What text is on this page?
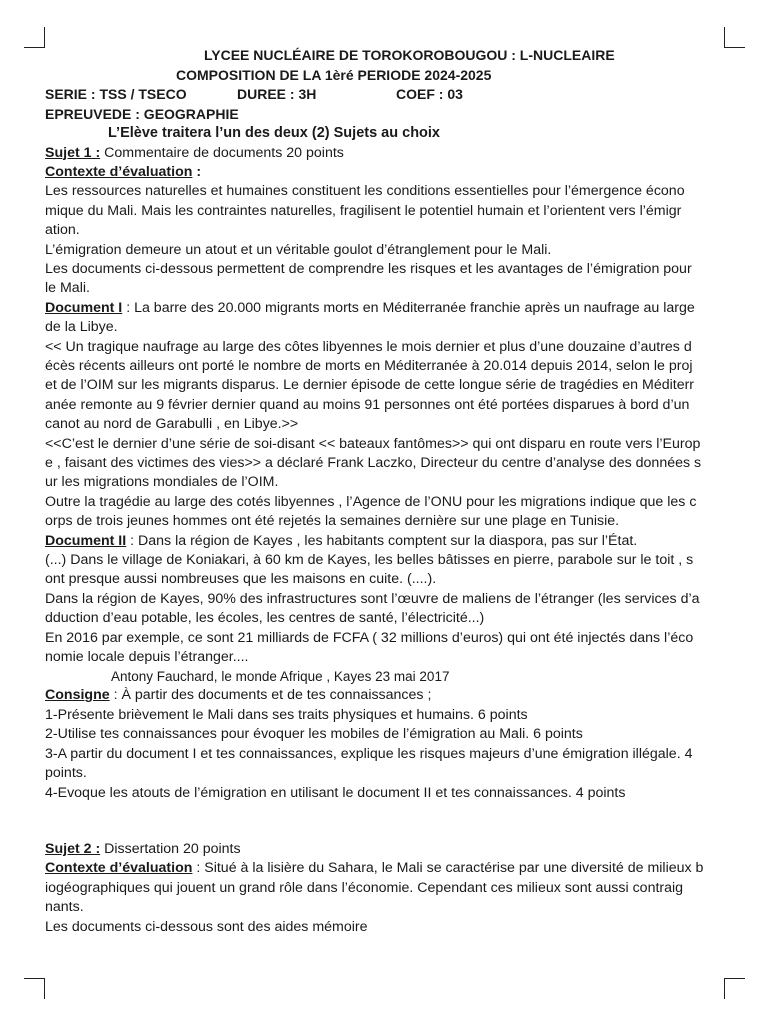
LYCEE NUCLÉAIRE DE TOROKOROBOUGOU : L-NUCLEAIRE
COMPOSITION DE LA 1èré PERIODE 2024-2025
SERIE : TSS / TSECO	DUREE : 3H	COEF : 03
EPREUVEDE : GEOGRAPHIE
L’Elève traitera l’un des deux (2) Sujets au choix

Sujet 1 : Commentaire de documents 20 points

Contexte d’évaluation :

Les ressources naturelles et humaines constituent les conditions essentielles pour l’émergence écono

mique du Mali. Mais les contraintes naturelles, fragilisent le potentiel humain et l’orientent vers l’émigr

ation.

L’émigration demeure un atout et un véritable goulot d’étranglement pour le Mali.

Les documents ci-dessous permettent de comprendre les risques et les avantages de l’émigration pour

le Mali.

Document I : La barre des 20.000 migrants morts en Méditerranée franchie après un naufrage au large

de la Libye.

<< Un tragique naufrage au large des côtes libyennes le mois dernier et plus d’une douzaine d’autres d

écès récents ailleurs ont porté le nombre de morts en Méditerranée à 20.014 depuis 2014, selon le proj

et de l’OIM sur les migrants disparus. Le dernier épisode de cette longue série de tragédies en Méditerr

anée remonte au 9 février dernier quand au moins 91 personnes ont été portées disparues à bord d’un

canot au nord de Garabulli , en Libye.>>

<<C’est le dernier d’une série de soi-disant << bateaux fantômes>> qui ont disparu en route vers l’Europ

e , faisant des victimes des vies>> a déclaré Frank Laczko, Directeur du centre d’analyse des données s

ur les migrations mondiales de l’OIM.

Outre la tragédie au large des cotés libyennes , l’Agence de l’ONU pour les migrations indique que les c

orps de trois jeunes hommes ont été rejetés la semaines dernière sur une plage en Tunisie.

Document II : Dans la région de Kayes , les habitants comptent sur la diaspora, pas sur l’État.

(...) Dans le village de Koniakari, à 60 km de Kayes, les belles bâtisses en pierre, parabole sur le toit , s

ont presque aussi nombreuses que les maisons en cuite. (....).

Dans la région de Kayes, 90% des infrastructures sont l’œuvre de maliens de l’étranger (les services d’a

dduction d’eau potable, les écoles, les centres de santé, l’électricité...)

En 2016 par exemple, ce sont 21 milliards de FCFA ( 32 millions d’euros) qui ont été injectés dans l’éco

nomie locale depuis l’étranger....

Antony Fauchard, le monde Afrique , Kayes 23 mai 2017

Consigne : À partir des documents et de tes connaissances ;

1-Présente brièvement le Mali dans ses traits physiques et humains. 6 points

2-Utilise tes connaissances pour évoquer les mobiles de l’émigration au Mali. 6 points

3-A partir du document I et tes connaissances, explique les risques majeurs d’une émigration illégale. 4

points.

4-Evoque les atouts de l’émigration en utilisant le document II et tes connaissances. 4 points

Sujet 2 : Dissertation 20 points

Contexte d’évaluation : Situé à la lisière du Sahara, le Mali se caractérise par une diversité de milieux b

iogéographiques qui jouent un grand rôle dans l’économie. Cependant ces milieux sont aussi contraig

nants.

Les documents ci-dessous sont des aides mémoire
